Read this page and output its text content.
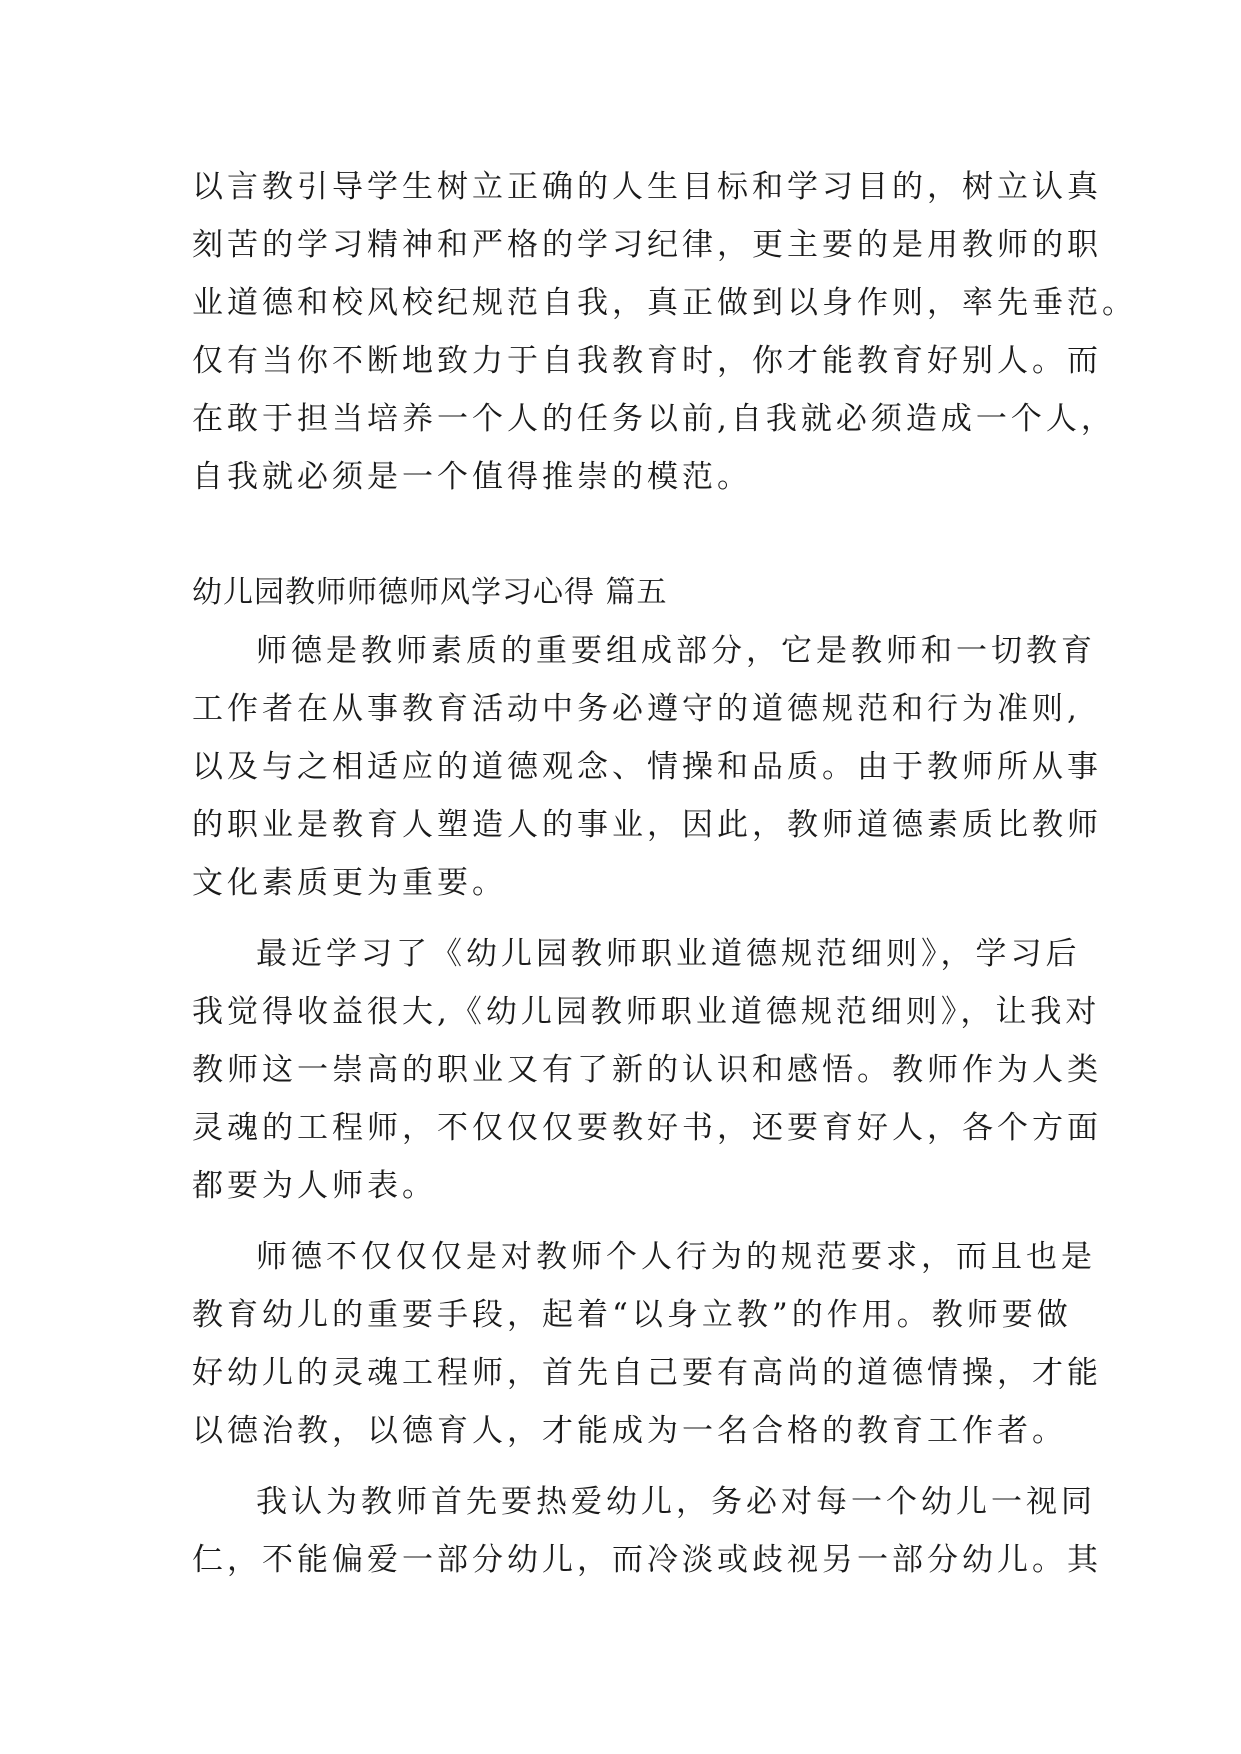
以言教引导学生树立正确的人生目标和学习目的，树立认真
刻苦的学习精神和严格的学习纪律，更主要的是用教师的职
业道德和校风校纪规范自我，真正做到以身作则，率先垂范。
仅有当你不断地致力于自我教育时，你才能教育好别人。而
在敢于担当培养一个人的任务以前,自我就必须造成一个人，
自我就必须是一个值得推崇的模范。
幼儿园教师师德师风学习心得 篇五
师德是教师素质的重要组成部分，它是教师和一切教育
工作者在从事教育活动中务必遵守的道德规范和行为准则,
以及与之相适应的道德观念、情操和品质。由于教师所从事
的职业是教育人塑造人的事业，因此，教师道德素质比教师
文化素质更为重要。
最近学习了《幼儿园教师职业道德规范细则》，学习后
我觉得收益很大,《幼儿园教师职业道德规范细则》，让我对
教师这一崇高的职业又有了新的认识和感悟。教师作为人类
灵魂的工程师，不仅仅仅要教好书，还要育好人，各个方面
都要为人师表。
师德不仅仅仅是对教师个人行为的规范要求，而且也是
教育幼儿的重要手段，起着“以身立教”的作用。教师要做
好幼儿的灵魂工程师，首先自己要有高尚的道德情操，才能
以德治教，以德育人，才能成为一名合格的教育工作者。
我认为教师首先要热爱幼儿，务必对每一个幼儿一视同
仁，不能偏爱一部分幼儿，而冷淡或歧视另一部分幼儿。其
